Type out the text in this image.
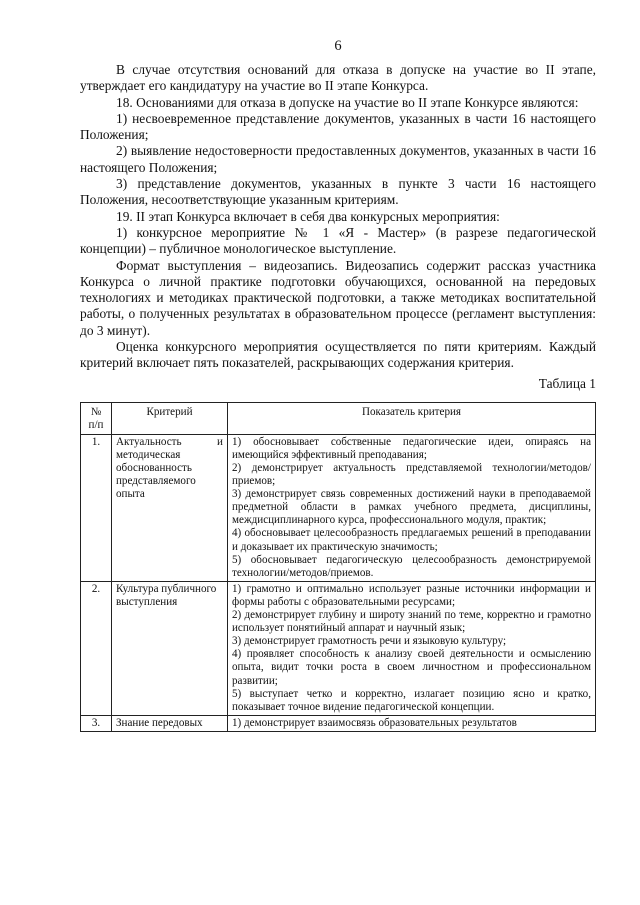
6

В случае отсутствия оснований для отказа в допуске на участие во II этапе, утверждает его кандидатуру на участие во II этапе Конкурса.

18. Основаниями для отказа в допуске на участие во II этапе Конкурсе являются:

1) несвоевременное представление документов, указанных в части 16 настоящего Положения;

2) выявление недостоверности предоставленных документов, указанных в части 16 настоящего Положения;

3) представление документов, указанных в пункте 3 части 16 настоящего Положения, несоответствующие указанным критериям.

19. II этап Конкурса включает в себя два конкурсных мероприятия:

1) конкурсное мероприятие № 1 «Я - Мастер» (в разрезе педагогической концепции) – публичное монологическое выступление.

Формат выступления – видеозапись. Видеозапись содержит рассказ участника Конкурса о личной практике подготовки обучающихся, основанной на передовых технологиях и методиках практической подготовки, а также методиках воспитательной работы, о полученных результатах в образовательном процессе (регламент выступления: до 3 минут).

Оценка конкурсного мероприятия осуществляется по пяти критериям. Каждый критерий включает пять показателей, раскрывающих содержания критерия.

Таблица 1
№ п/п	Критерий	Показатель критерия
1.	Актуальность и методическая обоснованность представляемого опыта	1) обосновывает собственные педагогические идеи, опираясь на имеющийся эффективный преподавания;
2) демонстрирует актуальность представляемой технологии/методов/приемов;
3) демонстрирует связь современных достижений науки в преподаваемой предметной области в рамках учебного предмета, дисциплины, междисциплинарного курса, профессионального модуля, практик;
4) обосновывает целесообразность предлагаемых решений в преподавании и доказывает их практическую значимость;
5) обосновывает педагогическую целесообразность демонстрируемой технологии/методов/приемов.

2.	Культура публичного выступления	1) грамотно и оптимально использует разные источники информации и формы работы с образовательными ресурсами;
2) демонстрирует глубину и широту знаний по теме, корректно и грамотно использует понятийный аппарат и научный язык;
3) демонстрирует грамотность речи и языковую культуру;
4) проявляет способность к анализу своей деятельности и осмыслению опыта, видит точки роста в своем личностном и профессиональном развитии;
5) выступает четко и корректно, излагает позицию ясно и кратко, показывает точное видение педагогической концепции.

3.	Знание передовых	1) демонстрирует взаимосвязь образовательных результатов
